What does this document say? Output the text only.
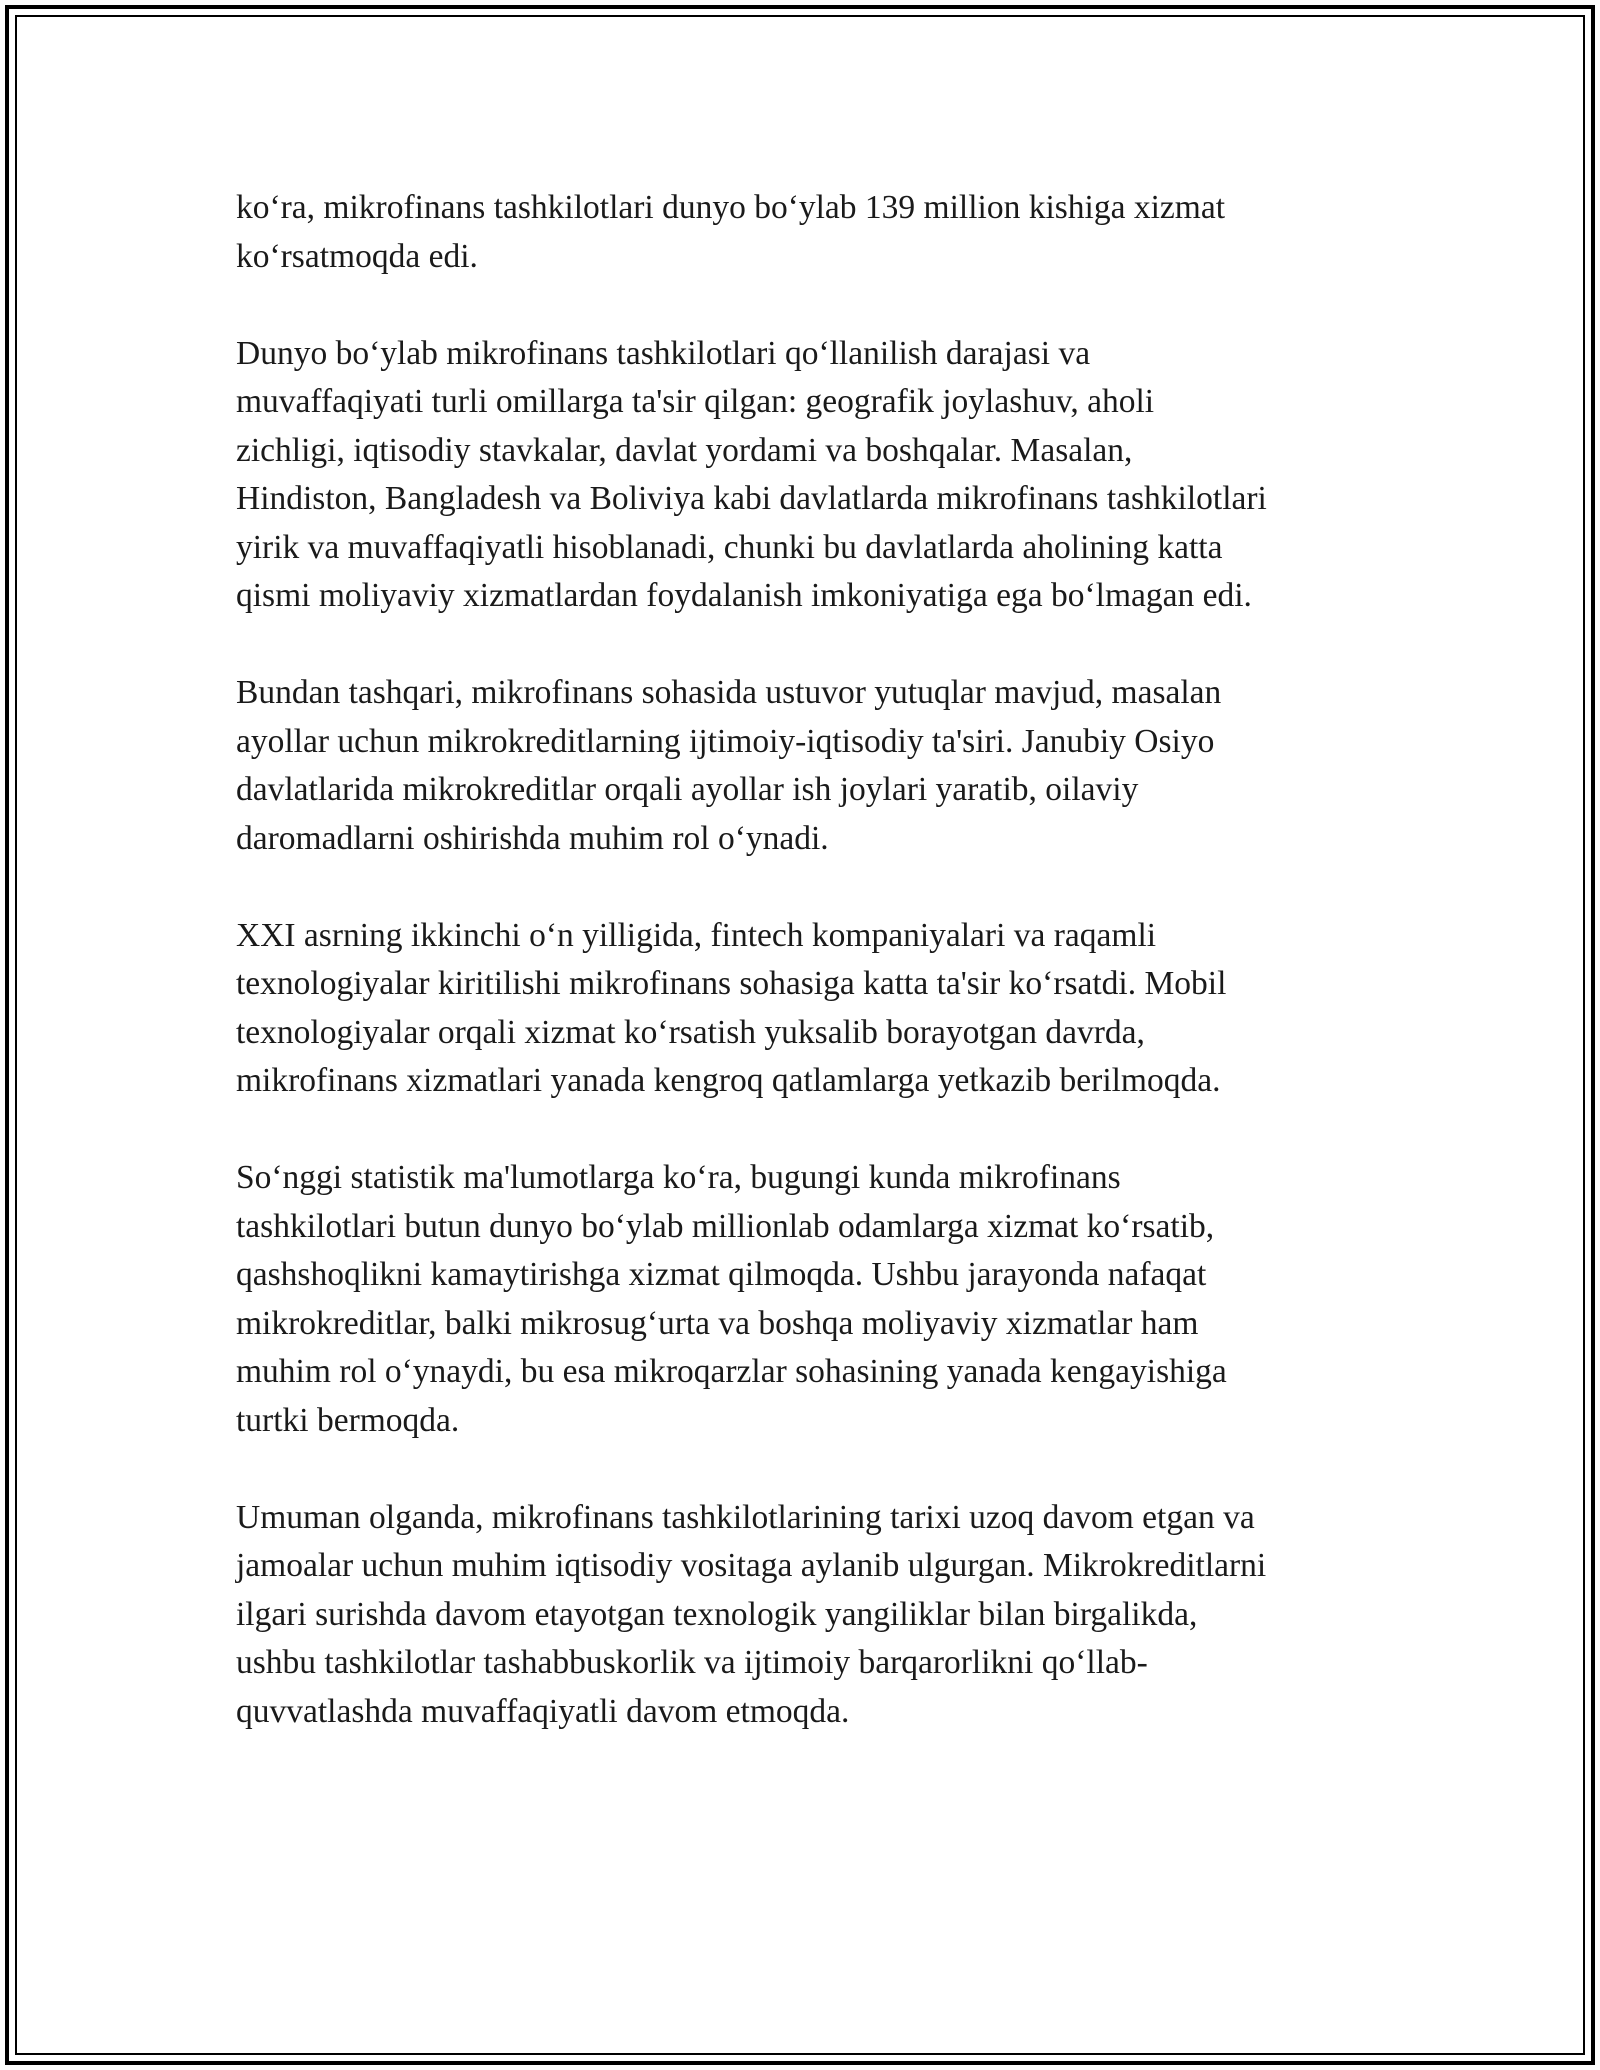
ko‘ra, mikrofinans tashkilotlari dunyo bo‘ylab 139 million kishiga xizmat
ko‘rsatmoqda edi.

Dunyo bo‘ylab mikrofinans tashkilotlari qo‘llanilish darajasi va
muvaffaqiyati turli omillarga ta'sir qilgan: geografik joylashuv, aholi
zichligi, iqtisodiy stavkalar, davlat yordami va boshqalar. Masalan,
Hindiston, Bangladesh va Boliviya kabi davlatlarda mikrofinans tashkilotlari
yirik va muvaffaqiyatli hisoblanadi, chunki bu davlatlarda aholining katta
qismi moliyaviy xizmatlardan foydalanish imkoniyatiga ega bo‘lmagan edi.

Bundan tashqari, mikrofinans sohasida ustuvor yutuqlar mavjud, masalan
ayollar uchun mikrokreditlarning ijtimoiy-iqtisodiy ta'siri. Janubiy Osiyo
davlatlarida mikrokreditlar orqali ayollar ish joylari yaratib, oilaviy
daromadlarni oshirishda muhim rol o‘ynadi.

XXI asrning ikkinchi o‘n yilligida, fintech kompaniyalari va raqamli
texnologiyalar kiritilishi mikrofinans sohasiga katta ta'sir ko‘rsatdi. Mobil
texnologiyalar orqali xizmat ko‘rsatish yuksalib borayotgan davrda,
mikrofinans xizmatlari yanada kengroq qatlamlarga yetkazib berilmoqda.

So‘nggi statistik ma'lumotlarga ko‘ra, bugungi kunda mikrofinans
tashkilotlari butun dunyo bo‘ylab millionlab odamlarga xizmat ko‘rsatib,
qashshoqlikni kamaytirishga xizmat qilmoqda. Ushbu jarayonda nafaqat
mikrokreditlar, balki mikrosug‘urta va boshqa moliyaviy xizmatlar ham
muhim rol o‘ynaydi, bu esa mikroqarzlar sohasining yanada kengayishiga
turtki bermoqda.

Umuman olganda, mikrofinans tashkilotlarining tarixi uzoq davom etgan va
jamoalar uchun muhim iqtisodiy vositaga aylanib ulgurgan. Mikrokreditlarni
ilgari surishda davom etayotgan texnologik yangiliklar bilan birgalikda,
ushbu tashkilotlar tashabbuskorlik va ijtimoiy barqarorlikni qo‘llab-
quvvatlashda muvaffaqiyatli davom etmoqda.
